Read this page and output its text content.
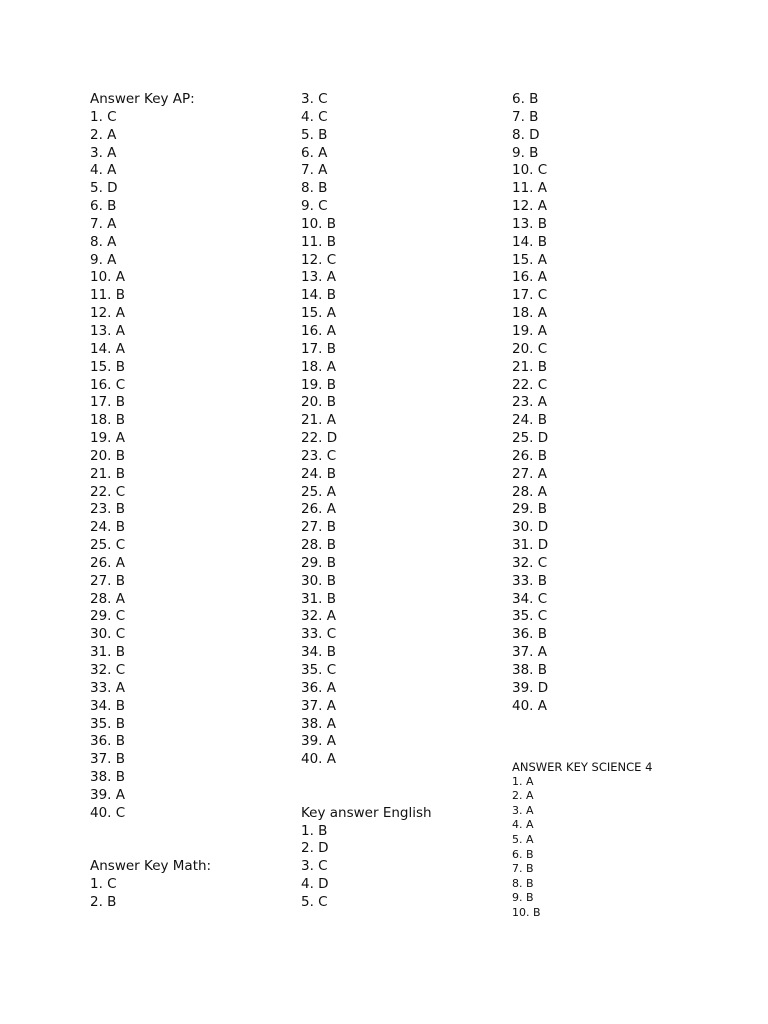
Answer Key AP:
1. C
2. A
3. A
4. A
5. D
6. B
7. A
8. A
9. A
10. A
11. B
12. A
13. A
14. A
15. B
16. C
17. B
18. B
19. A
20. B
21. B
22. C
23. B
24. B
25. C
26. A
27. B
28. A
29. C
30. C
31. B
32. C
33. A
34. B
35. B
36. B
37. B
38. B
39. A
40. C
Answer Key Math:
1. C
2. B
3. C
4. C
5. B
6. A
7. A
8. B
9. C
10. B
11. B
12. C
13. A
14. B
15. A
16. A
17. B
18. A
19. B
20. B
21. A
22. D
23. C
24. B
25. A
26. A
27. B
28. B
29. B
30. B
31. B
32. A
33. C
34. B
35. C
36. A
37. A
38. A
39. A
40. A
Key answer English
1. B
2. D
3. C
4. D
5. C
6. B
7. B
8. D
9. B
10. C
11. A
12. A
13. B
14. B
15. A
16. A
17. C
18. A
19. A
20. C
21. B
22. C
23. A
24. B
25. D
26. B
27. A
28. A
29. B
30. D
31. D
32. C
33. B
34. C
35. C
36. B
37. A
38. B
39. D
40. A
ANSWER KEY SCIENCE 4
1. A
2. A
3. A
4. A
5. A
6. B
7. B
8. B
9. B
10. B
